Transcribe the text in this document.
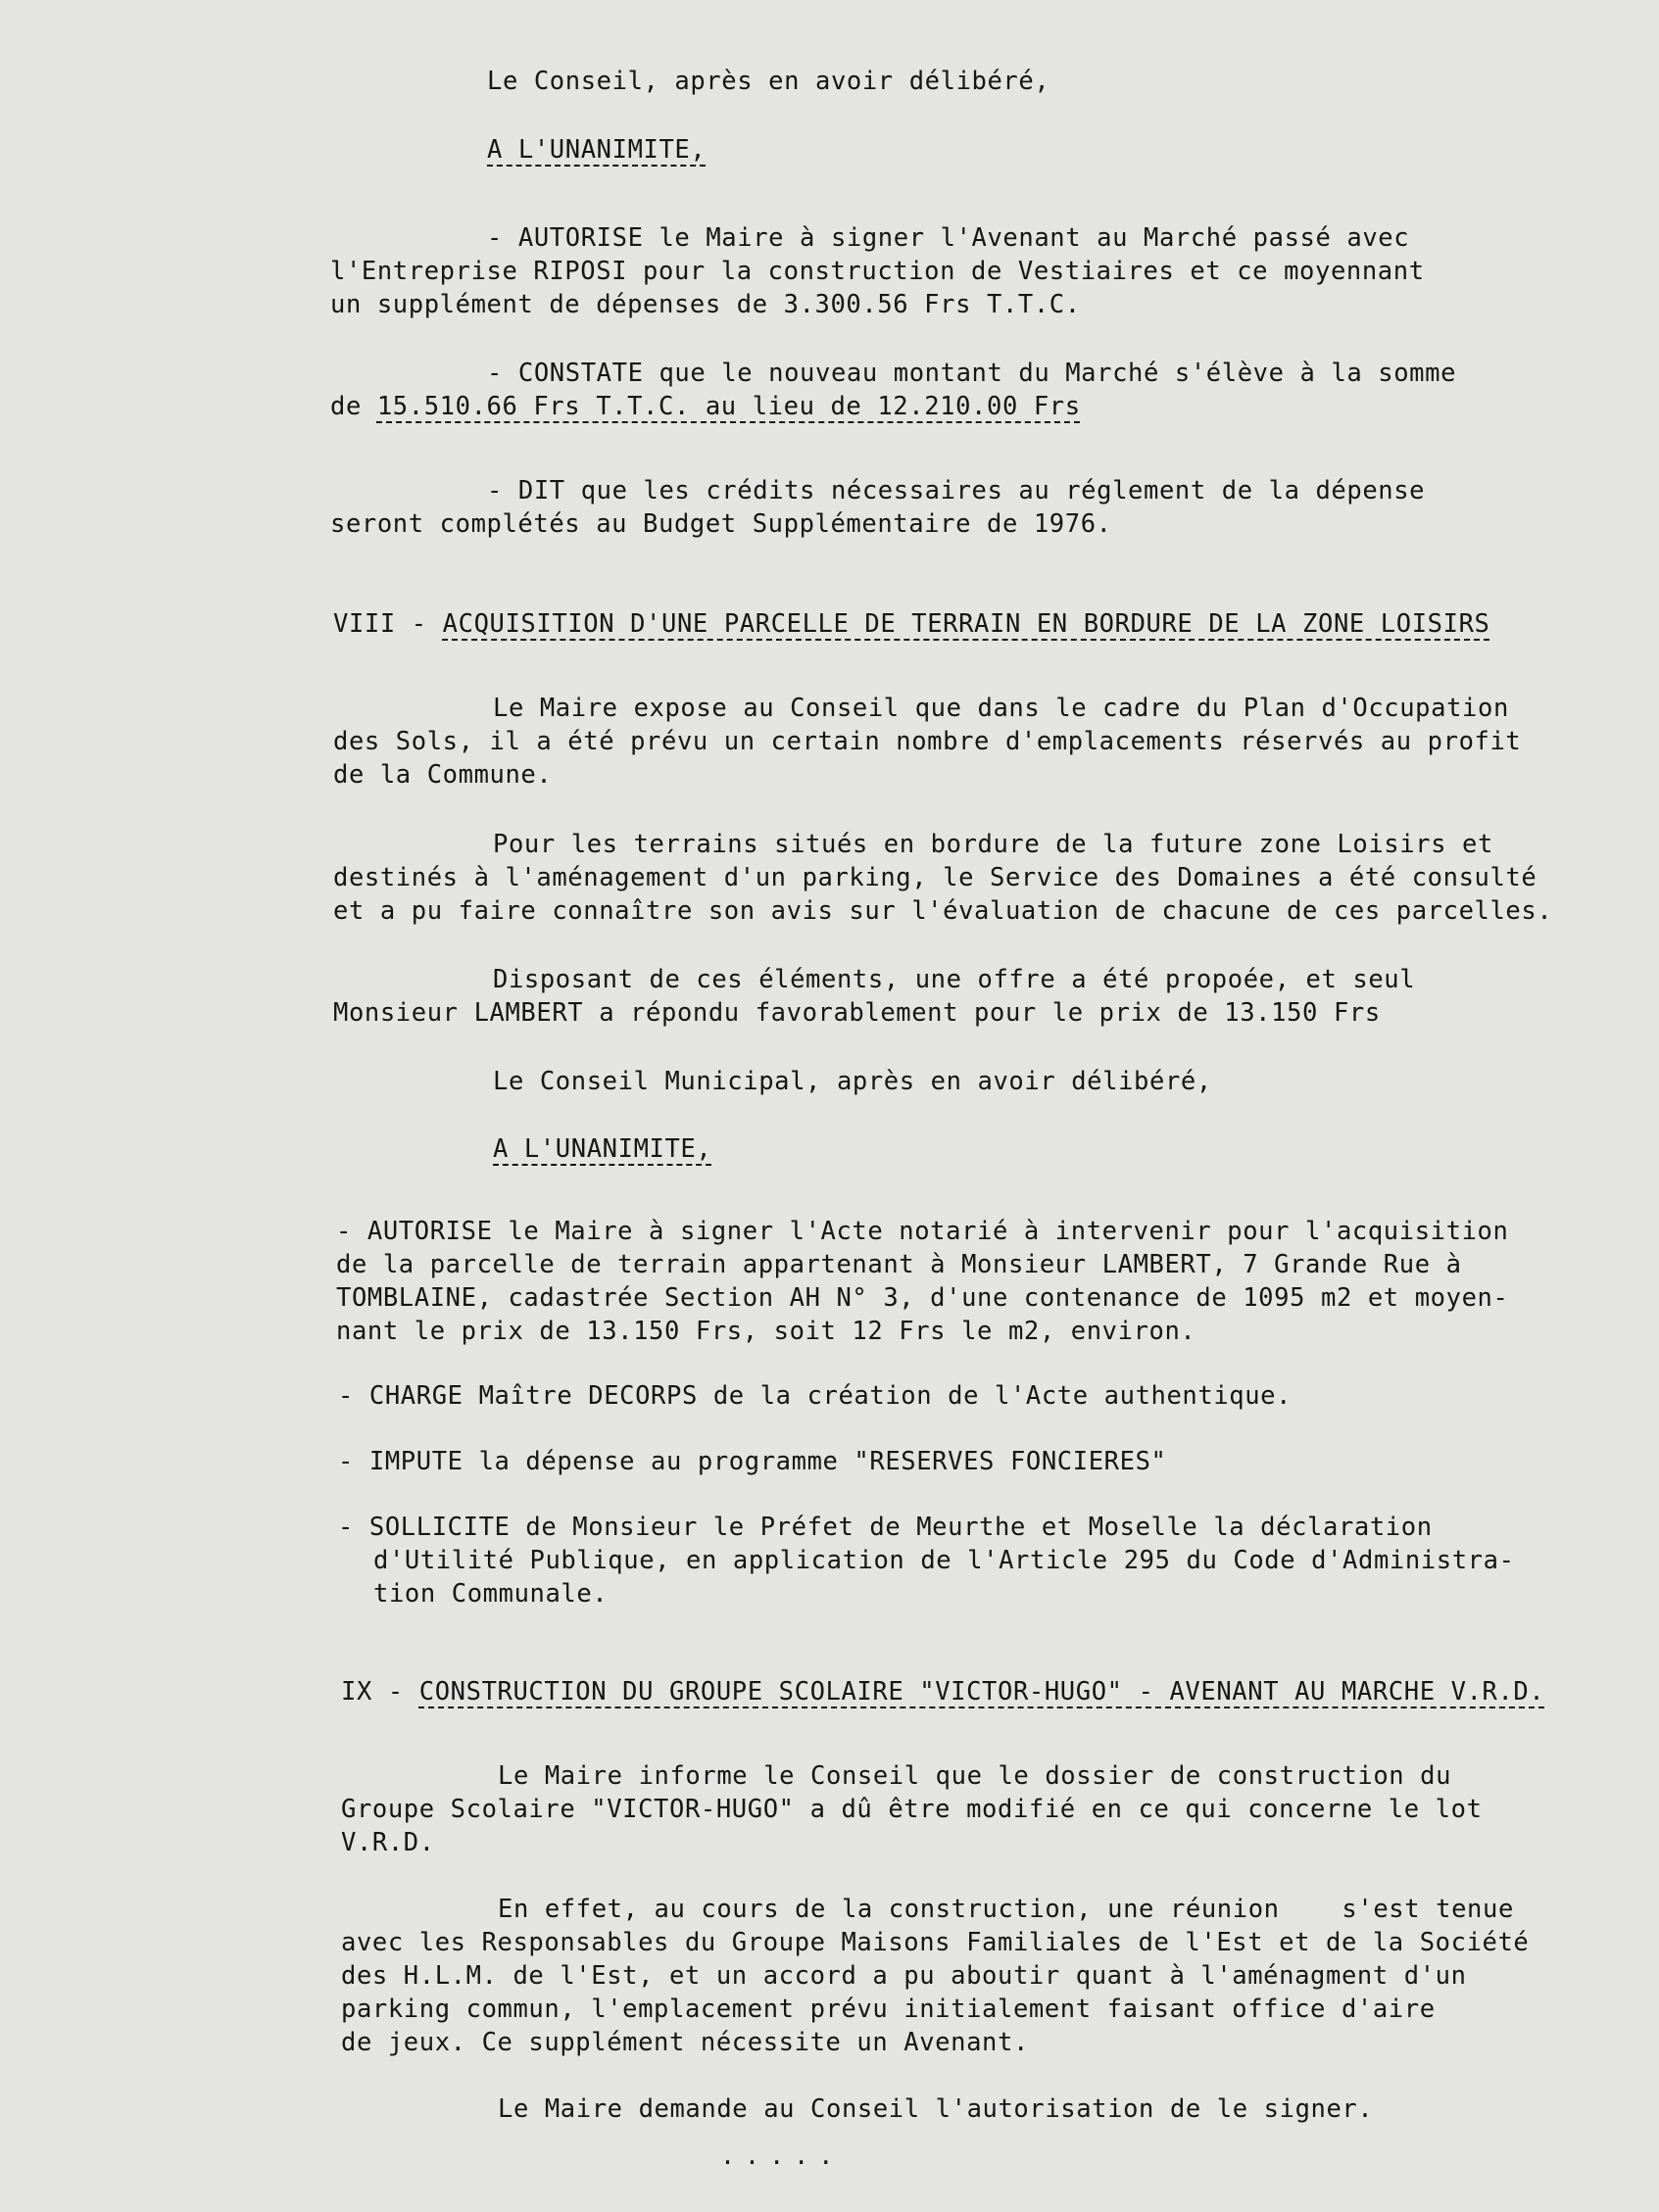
Le Conseil, après en avoir délibéré,

A L'UNANIMITE,

- AUTORISE le Maire à signer l'Avenant au Marché passé avec

l'Entreprise RIPOSI pour la construction de Vestiaires et ce moyennant

un supplément de dépenses de 3.300.56 Frs T.T.C.

- CONSTATE que le nouveau montant du Marché s'élève à la somme

de 15.510.66 Frs T.T.C. au lieu de 12.210.00 Frs

- DIT que les crédits nécessaires au réglement de la dépense

seront complétés au Budget Supplémentaire de 1976.

VIII - ACQUISITION D'UNE PARCELLE DE TERRAIN EN BORDURE DE LA ZONE LOISIRS

Le Maire expose au Conseil que dans le cadre du Plan d'Occupation

des Sols, il a été prévu un certain nombre d'emplacements réservés au profit

de la Commune.

Pour les terrains situés en bordure de la future zone Loisirs et

destinés à l'aménagement d'un parking, le Service des Domaines a été consulté

et a pu faire connaître son avis sur l'évaluation de chacune de ces parcelles.

Disposant de ces éléments, une offre a été propoée, et seul

Monsieur LAMBERT a répondu favorablement pour le prix de 13.150 Frs

Le Conseil Municipal, après en avoir délibéré,

A L'UNANIMITE,

- AUTORISE le Maire à signer l'Acte notarié à intervenir pour l'acquisition

de la parcelle de terrain appartenant à Monsieur LAMBERT, 7 Grande Rue à

TOMBLAINE, cadastrée Section AH N° 3, d'une contenance de 1095 m2 et moyen-

nant le prix de 13.150 Frs, soit 12 Frs le m2, environ.

- CHARGE Maître DECORPS de la création de l'Acte authentique.

- IMPUTE la dépense au programme "RESERVES FONCIERES"

- SOLLICITE de Monsieur le Préfet de Meurthe et Moselle la déclaration

d'Utilité Publique, en application de l'Article 295 du Code d'Administra-

tion Communale.

IX - CONSTRUCTION DU GROUPE SCOLAIRE "VICTOR-HUGO" - AVENANT AU MARCHE V.R.D.

Le Maire informe le Conseil que le dossier de construction du

Groupe Scolaire "VICTOR-HUGO" a dû être modifié en ce qui concerne le lot

V.R.D.

En effet, au cours de la construction, une réunion    s'est tenue

avec les Responsables du Groupe Maisons Familiales de l'Est et de la Société

des H.L.M. de l'Est, et un accord a pu aboutir quant à l'aménagment d'un

parking commun, l'emplacement prévu initialement faisant office d'aire

de jeux. Ce supplément nécessite un Avenant.

Le Maire demande au Conseil l'autorisation de le signer.

.....
